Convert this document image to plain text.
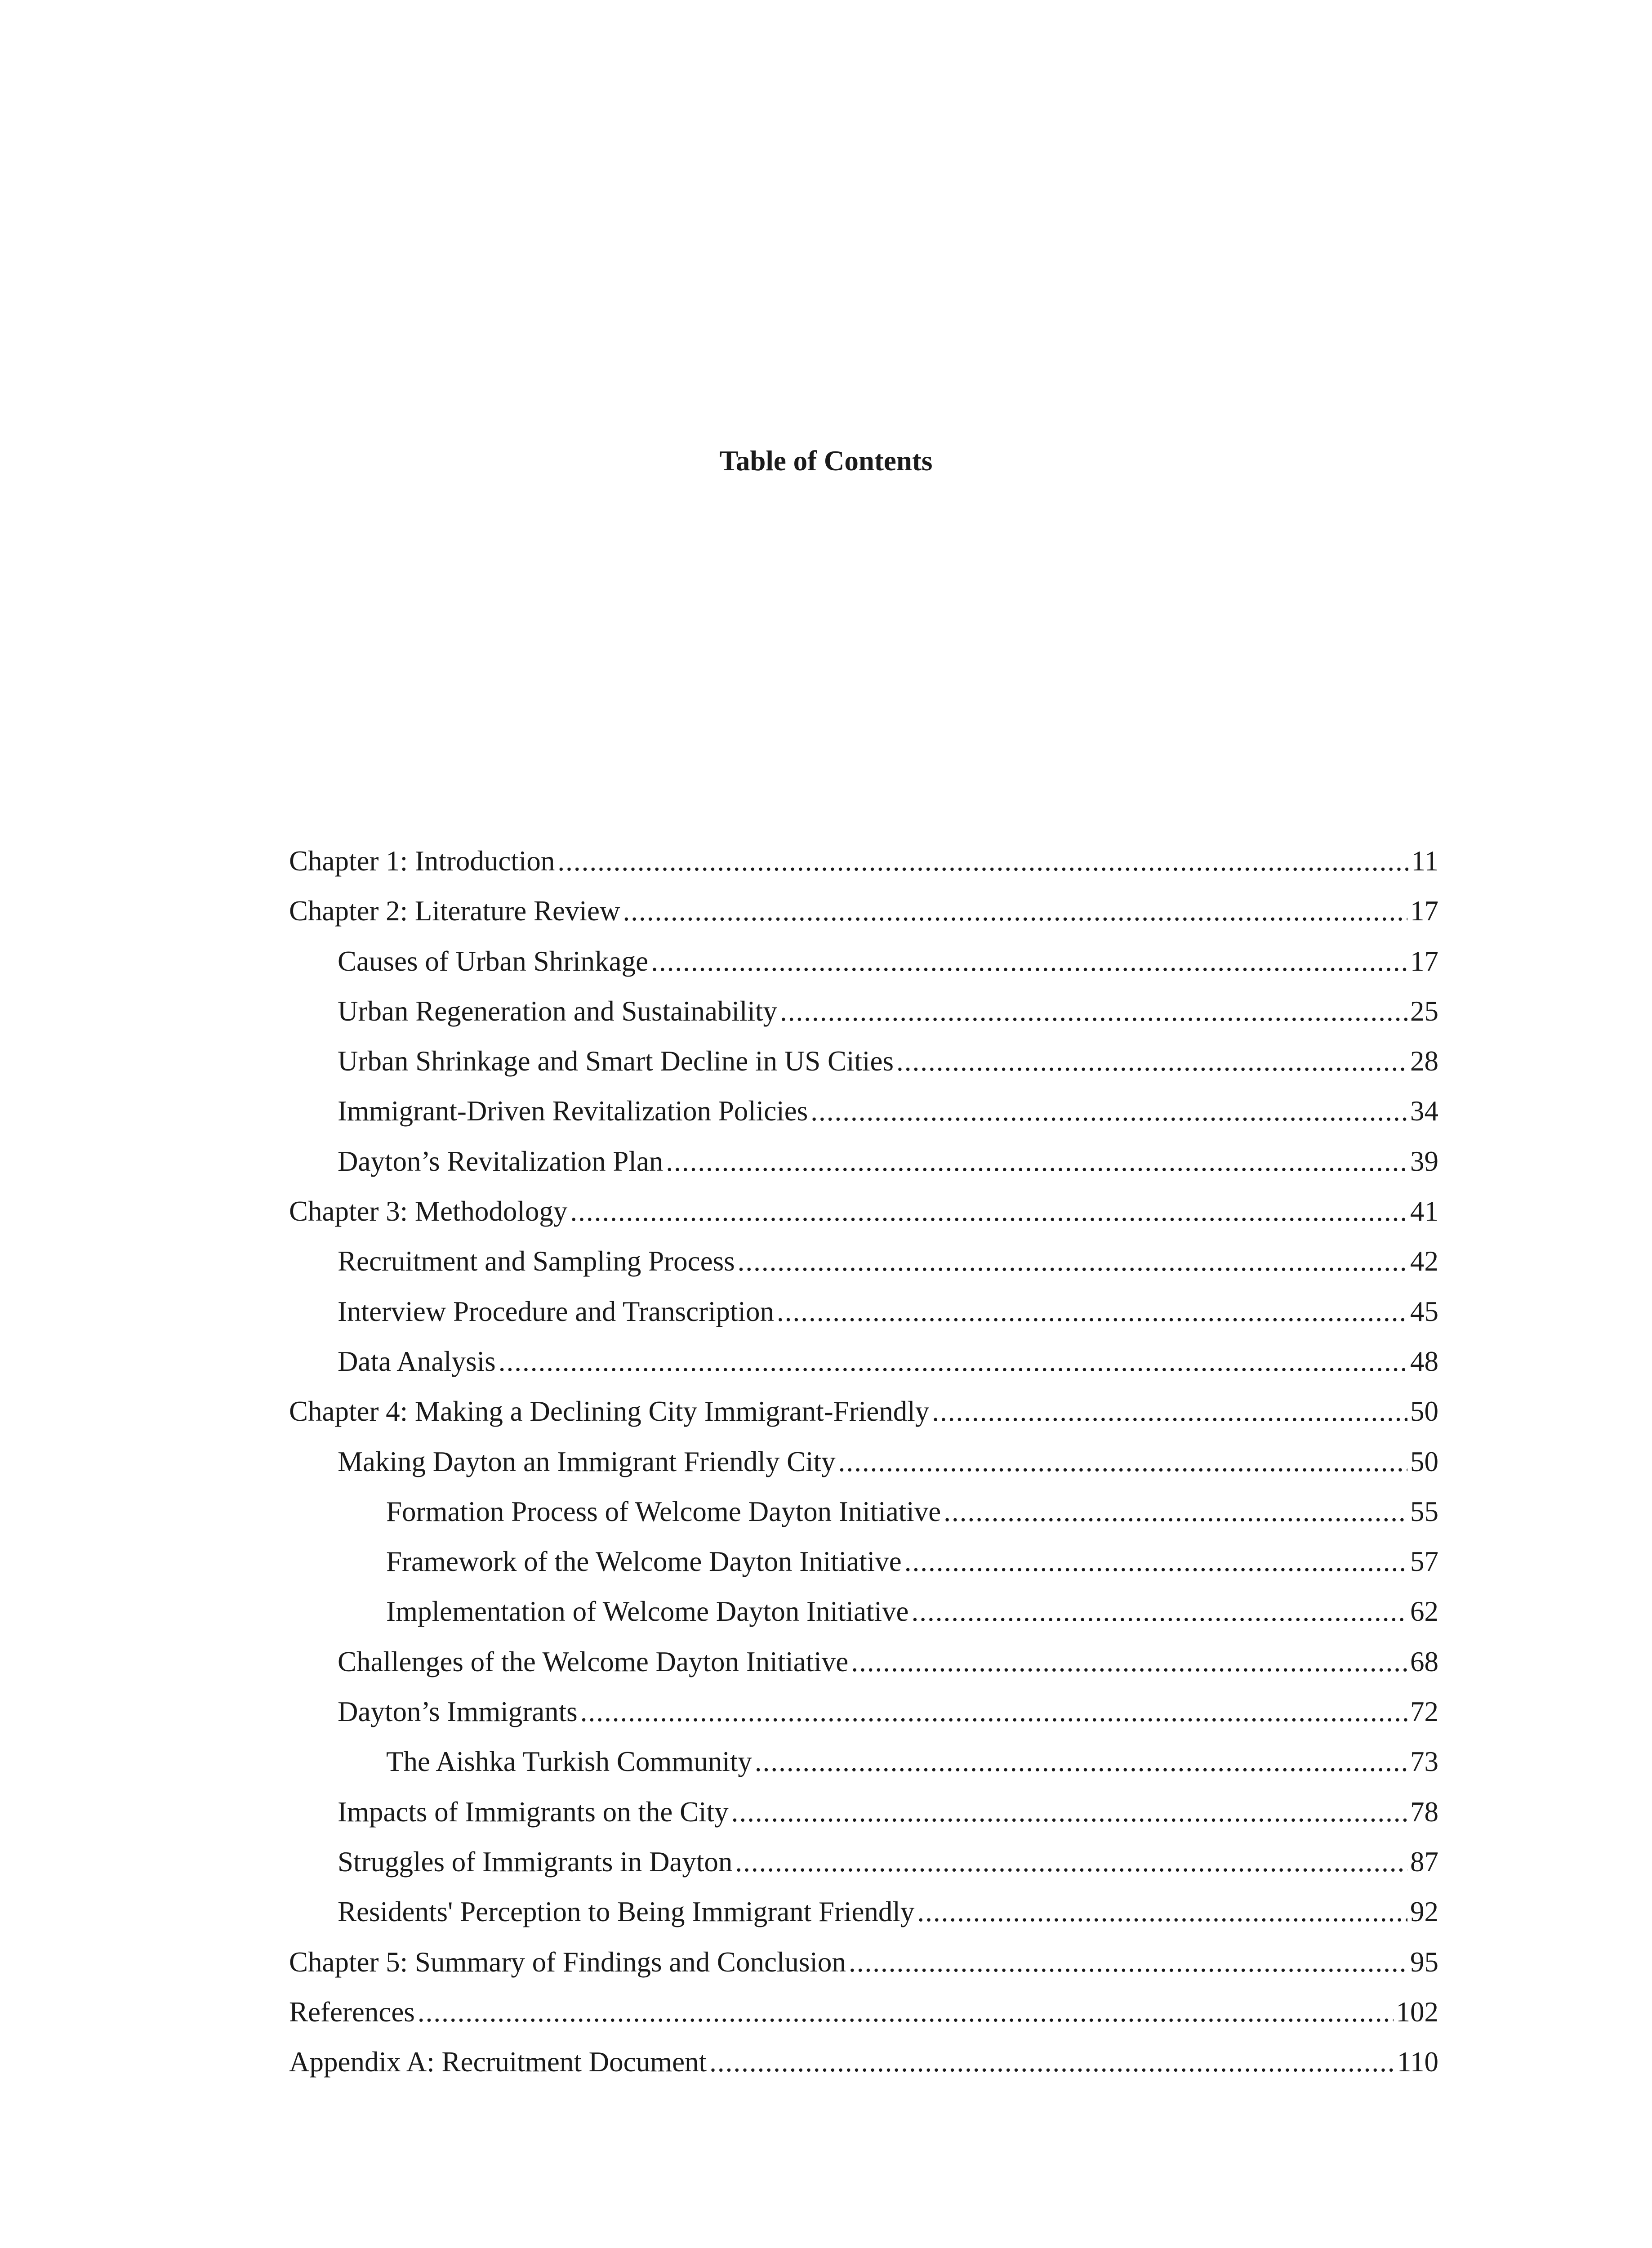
Table of Contents
Chapter 1: Introduction .....	11
Chapter 2: Literature Review .....	17
Causes of Urban Shrinkage .....	17
Urban Regeneration and Sustainability .....	25
Urban Shrinkage and Smart Decline in US Cities .....	28
Immigrant-Driven Revitalization Policies .....	34
Dayton’s Revitalization Plan .....	39
Chapter 3: Methodology .....	41
Recruitment and Sampling Process .....	42
Interview Procedure and Transcription .....	45
Data Analysis .....	48
Chapter 4: Making a Declining City Immigrant-Friendly .....	50
Making Dayton an Immigrant Friendly City .....	50
Formation Process of Welcome Dayton Initiative .....	55
Framework of the Welcome Dayton Initiative .....	57
Implementation of Welcome Dayton Initiative .....	62
Challenges of the Welcome Dayton Initiative .....	68
Dayton’s Immigrants .....	72
The Aishka Turkish Community .....	73
Impacts of Immigrants on the City .....	78
Struggles of Immigrants in Dayton .....	87
Residents' Perception to Being Immigrant Friendly .....	92
Chapter 5: Summary of Findings and Conclusion .....	95
References .....	102
Appendix A: Recruitment Document .....	110
